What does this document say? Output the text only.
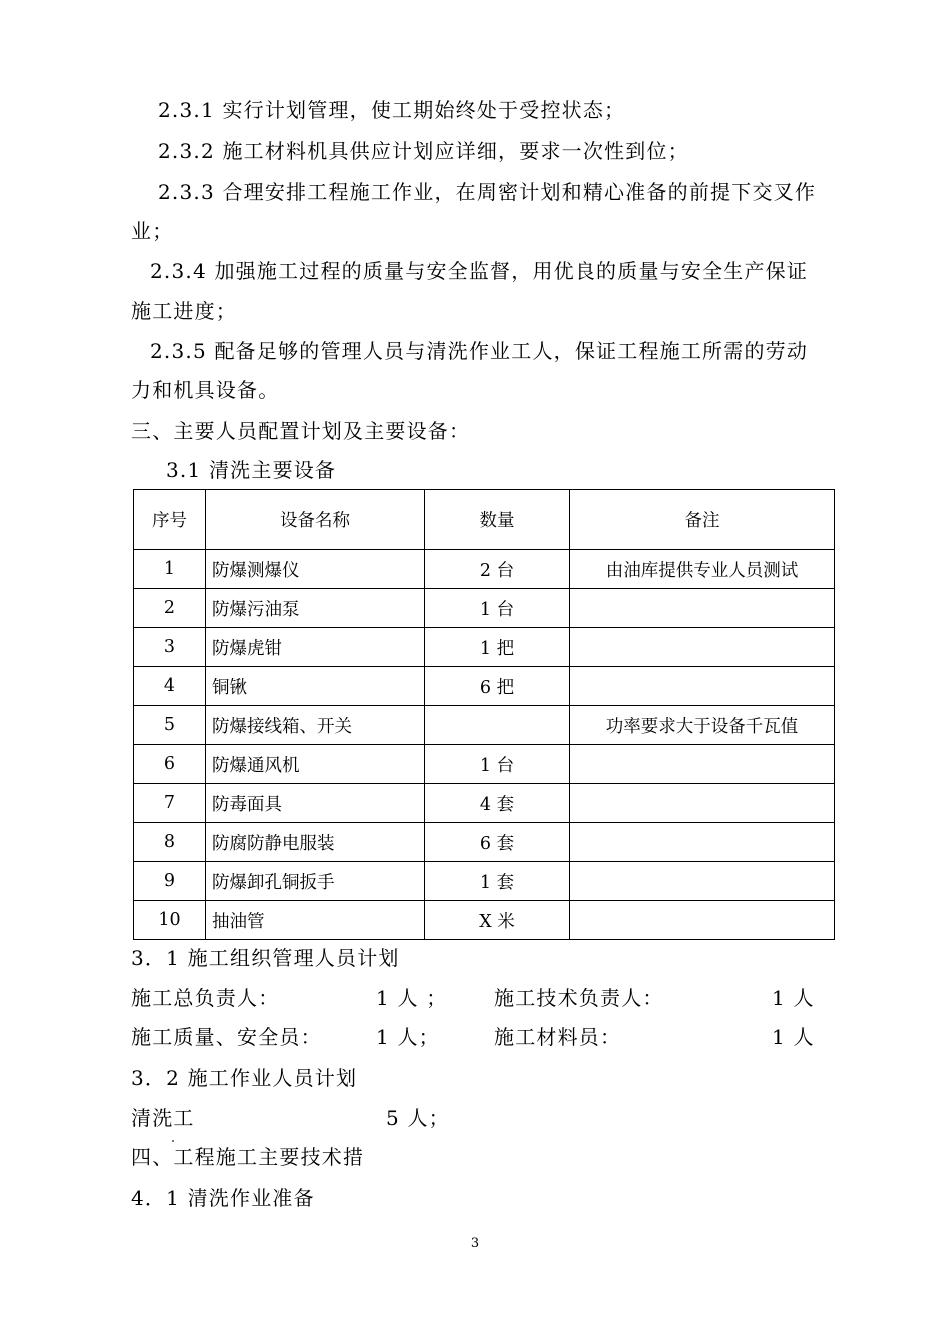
2.3.1 实行计划管理，使工期始终处于受控状态；
2.3.2 施工材料机具供应计划应详细，要求一次性到位；
2.3.3 合理安排工程施工作业，在周密计划和精心准备的前提下交叉作
业；
2.3.4 加强施工过程的质量与安全监督，用优良的质量与安全生产保证
施工进度；
2.3.5 配备足够的管理人员与清洗作业工人，保证工程施工所需的劳动
力和机具设备。
三、主要人员配置计划及主要设备：
3.1 清洗主要设备
序号	设备名称	数量	备注
1	防爆测爆仪	2 台	由油库提供专业人员测试
2	防爆污油泵	1 台	
3	防爆虎钳	1 把	
4	铜锹	6 把	
5	防爆接线箱、开关		功率要求大于设备千瓦值
6	防爆通风机	1 台	
7	防毒面具	4 套	
8	防腐防静电服装	6 套	
9	防爆卸孔铜扳手	1 套	
10	抽油管	X 米	
3．1 施工组织管理人员计划
施工总负责人：	1 人 ； 施工技术负责人：	1 人
施工质量、安全员：	1 人；	施工材料员：	1 人
3．2 施工作业人员计划
清洗工	5 人；
四、工程施工主要技术措
4．1 清洗作业准备
3
